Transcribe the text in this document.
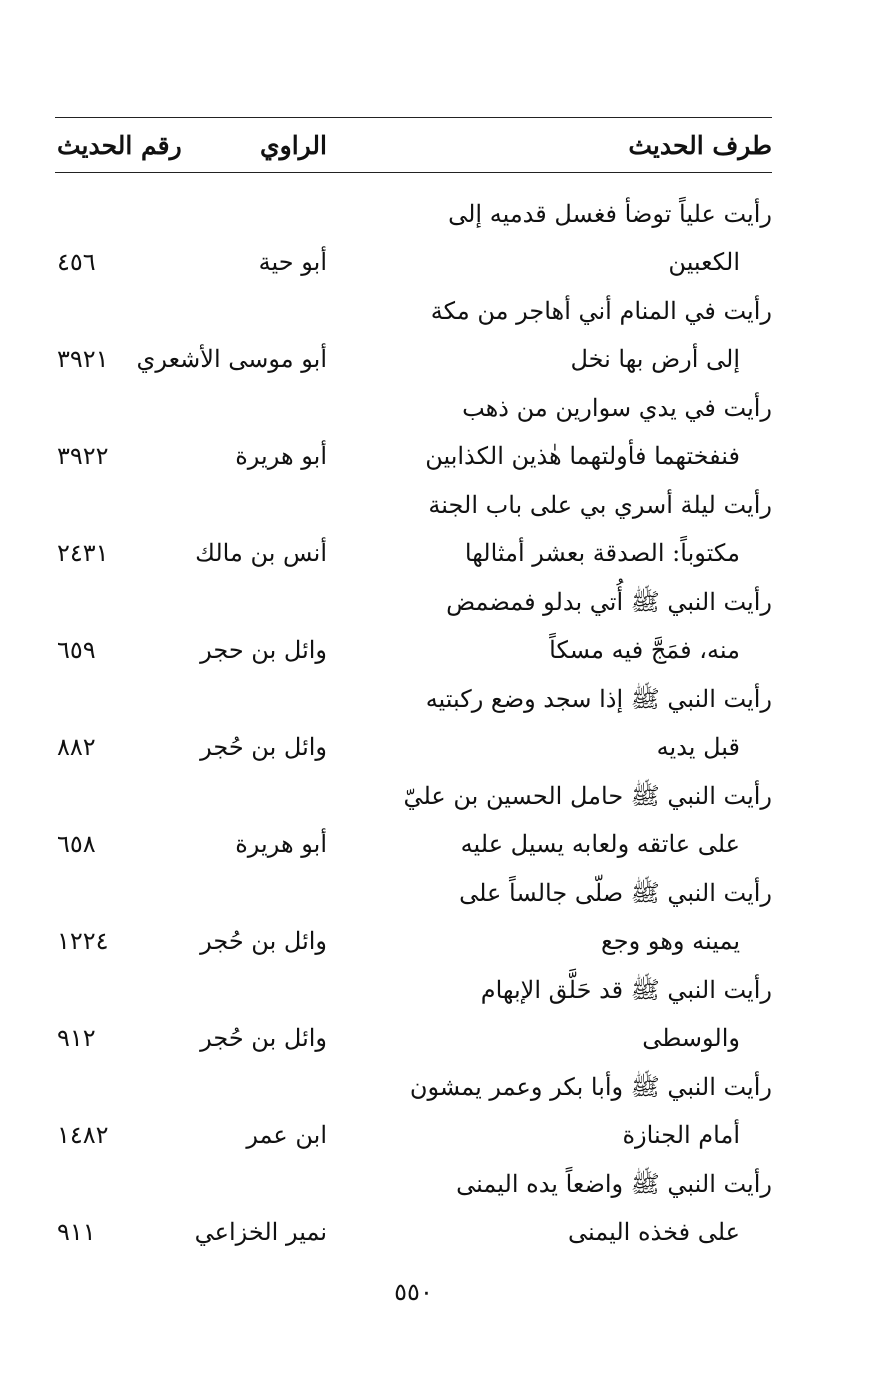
طرف الحديث
الراوي
رقم الحديث
رأيت علياً توضأ فغسل قدميه إلى
الكعبين
أبو حية
٤٥٦
رأيت في المنام أني أهاجر من مكة
إلى أرض بها نخل
أبو موسى الأشعري
٣٩٢١
رأيت في يدي سوارين من ذهب
فنفختهما فأولتهما هٰذين الكذابين
أبو هريرة
٣٩٢٢
رأيت ليلة أسري بي على باب الجنة
مكتوباً: الصدقة بعشر أمثالها
أنس بن مالك
٢٤٣١
رأيت النبي ﷺ أُتي بدلو فمضمض
منه، فمَجَّ فيه مسكاً
وائل بن حجر
٦٥٩
رأيت النبي ﷺ إذا سجد وضع ركبتيه
قبل يديه
وائل بن حُجر
٨٨٢
رأيت النبي ﷺ حامل الحسين بن عليّ
على عاتقه ولعابه يسيل عليه
أبو هريرة
٦٥٨
رأيت النبي ﷺ صلّى جالساً على
يمينه وهو وجع
وائل بن حُجر
١٢٢٤
رأيت النبي ﷺ قد حَلَّق الإبهام
والوسطى
وائل بن حُجر
٩١٢
رأيت النبي ﷺ وأبا بكر وعمر يمشون
أمام الجنازة
ابن عمر
١٤٨٢
رأيت النبي ﷺ واضعاً يده اليمنى
على فخذه اليمنى
نمير الخزاعي
٩١١
٥٥٠
